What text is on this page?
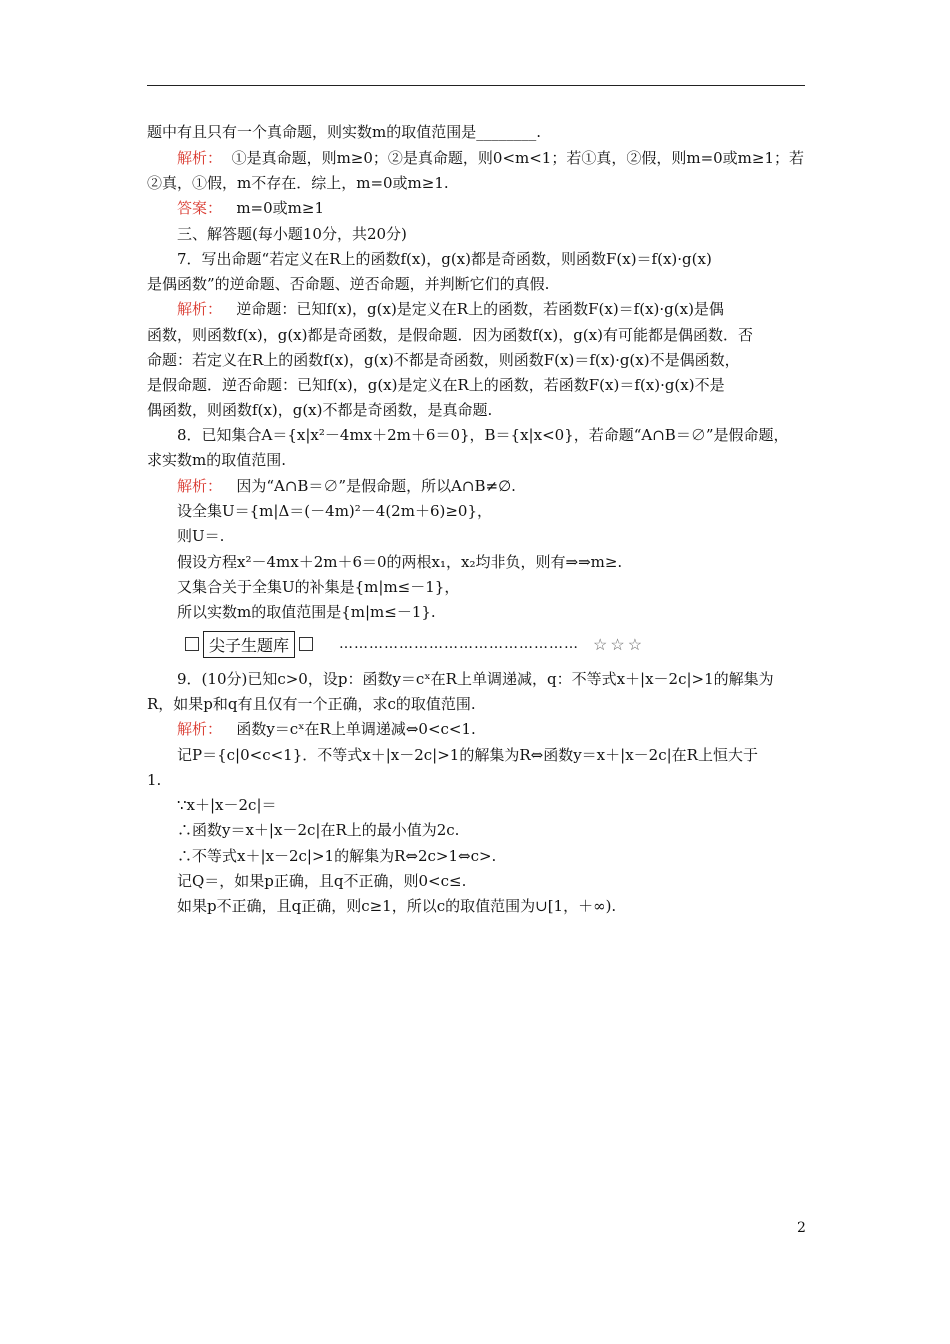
题中有且只有一个真命题，则实数m的取值范围是________.
解析： ①是真命题，则m≥0；②是真命题，则0<m<1；若①真，②假，则m=0或m≥1；若
②真，①假，m不存在．综上，m=0或m≥1.
答案： m=0或m≥1
三、解答题(每小题10分，共20分)
7．写出命题“若定义在R上的函数f(x)，g(x)都是奇函数，则函数F(x)＝f(x)·g(x)
是偶函数”的逆命题、否命题、逆否命题，并判断它们的真假.
解析： 逆命题：已知f(x)，g(x)是定义在R上的函数，若函数F(x)＝f(x)·g(x)是偶
函数，则函数f(x)，g(x)都是奇函数，是假命题．因为函数f(x)，g(x)有可能都是偶函数．否
命题：若定义在R上的函数f(x)，g(x)不都是奇函数，则函数F(x)＝f(x)·g(x)不是偶函数，
是假命题．逆否命题：已知f(x)，g(x)是定义在R上的函数，若函数F(x)＝f(x)·g(x)不是
偶函数，则函数f(x)，g(x)不都是奇函数，是真命题.
8．已知集合A＝{x|x²－4mx＋2m＋6＝0}，B＝{x|x<0}，若命题“A∩B＝∅”是假命题，
求实数m的取值范围.
解析： 因为“A∩B＝∅”是假命题，所以A∩B≠∅.
设全集U＝{m|Δ＝(－4m)²－4(2m＋6)≥0}，
则U＝.
假设方程x²－4mx＋2m＋6＝0的两根x₁，x₂均非负，则有⇒⇒m≥.
又集合关于全集U的补集是{m|m≤－1}，
所以实数m的取值范围是{m|m≤－1}.
尖子生题库	………………………………………… ☆☆☆
9．(10分)已知c>0，设p：函数y＝cˣ在R上单调递减，q：不等式x＋|x－2c|>1的解集为
R，如果p和q有且仅有一个正确，求c的取值范围.
解析： 函数y＝cˣ在R上单调递减⇔0<c<1.
记P＝{c|0<c<1}．不等式x＋|x－2c|>1的解集为R⇔函数y＝x＋|x－2c|在R上恒大于
1.
∵x＋|x－2c|＝
∴函数y＝x＋|x－2c|在R上的最小值为2c.
∴不等式x＋|x－2c|>1的解集为R⇔2c>1⇔c>.
记Q＝，如果p正确，且q不正确，则0<c≤.
如果p不正确，且q正确，则c≥1，所以c的取值范围为∪[1，＋∞).
2
